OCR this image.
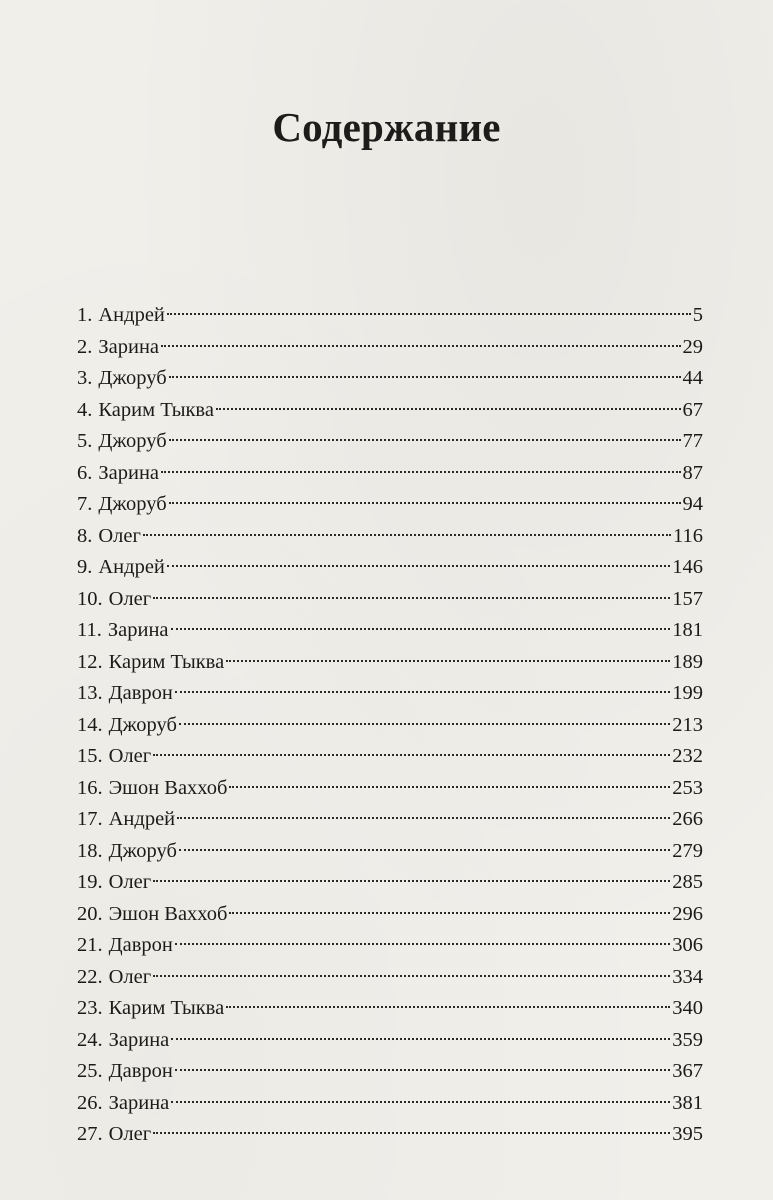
Содержание
1. Андрей	5
2. Зарина	29
3. Джоруб	44
4. Карим Тыква	67
5. Джоруб	77
6. Зарина	87
7. Джоруб	94
8. Олег	116
9. Андрей	146
10. Олег	157
11. Зарина	181
12. Карим Тыква	189
13. Даврон	199
14. Джоруб	213
15. Олег	232
16. Эшон Ваххоб	253
17. Андрей	266
18. Джоруб	279
19. Олег	285
20. Эшон Ваххоб	296
21. Даврон	306
22. Олег	334
23. Карим Тыква	340
24. Зарина	359
25. Даврон	367
26. Зарина	381
27. Олег	395
